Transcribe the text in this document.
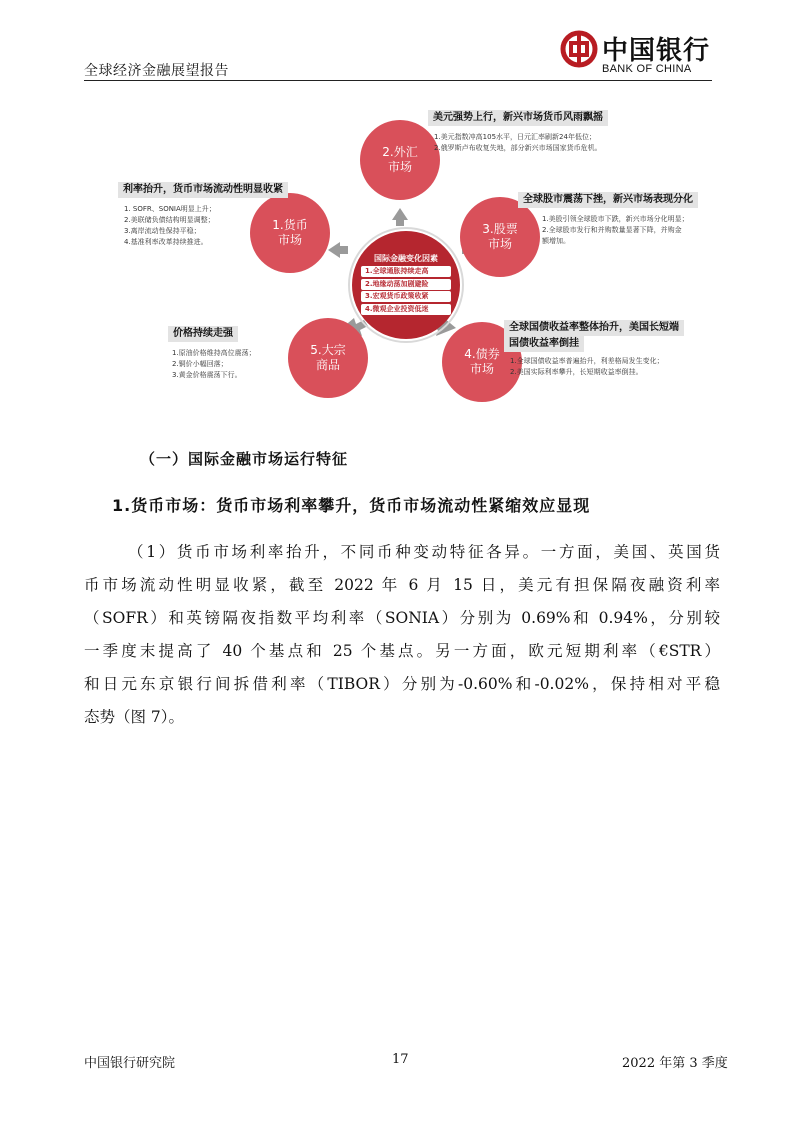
中国银行
BANK OF CHINA
全球经济金融展望报告
1.货币
市场
2.外汇
市场
3.股票
市场
4.债券
市场
5.大宗
商品
国际金融变化因素
1.全球通胀持续走高
2.地缘动荡加剧避险
3.宏观货币政策收紧
4.微观企业投资低迷
利率抬升，货币市场流动性明显收紧
1. SOFR、SONIA明显上升；
2.美联储负债结构明显调整；
3.离岸流动性保持平稳；
4.基准利率改革持续推进。
美元强势上行，新兴市场货币风雨飘摇
1.美元指数冲高105水平，日元汇率刷新24年低位；
2.俄罗斯卢布收复失地，部分新兴市场国家货币危机。
全球股市震荡下挫，新兴市场表现分化
1.美股引领全球股市下跌，新兴市场分化明显；
2.全球股市发行和并购数量显著下降，并购金
额增加。
全球国债收益率整体抬升，美国长短端
国债收益率倒挂
1.全球国债收益率普遍抬升，利差格局发生变化；
2.美国实际利率攀升，长短期收益率倒挂。
价格持续走强
1.原油价格维持高位震荡；
2.铜价小幅回落；
3.黄金价格震荡下行。
（一）国际金融市场运行特征
1.货币市场：货币市场利率攀升，货币市场流动性紧缩效应显现
（1）货币市场利率抬升，不同币种变动特征各异。一方面，美国、英国货
币市场流动性明显收紧，截至 2022 年 6 月 15 日，美元有担保隔夜融资利率
（SOFR）和英镑隔夜指数平均利率（SONIA）分别为 0.69%和 0.94%，分别较
一季度末提高了 40 个基点和 25 个基点。另一方面，欧元短期利率（€STR）
和日元东京银行间拆借利率（TIBOR）分别为-0.60%和-0.02%，保持相对平稳
态势（图 7）。
中国银行研究院	17	2022 年第 3 季度
